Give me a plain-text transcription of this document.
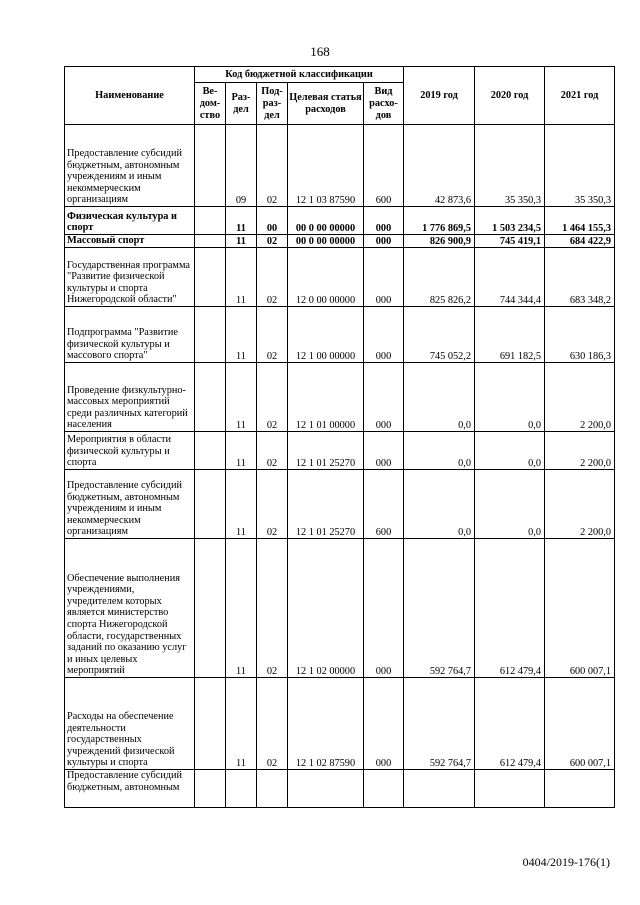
168
Наименование	Код бюджетной классификации					2019 год	2020 год	2021 год
	Ве-дом-ство	Раз-дел	Под-раз-дел	Целевая статья расходов	Вид расхо-дов			
Предоставление субсидий бюджетным, автономным учреждениям и иным некоммерческим организациям		09	02	12 1 03 87590	600	42 873,6	35 350,3	35 350,3
Физическая культура и спорт		11	00	00 0 00 00000	000	1 776 869,5	1 503 234,5	1 464 155,3
Массовый спорт		11	02	00 0 00 00000	000	826 900,9	745 419,1	684 422,9
Государственная программа "Развитие физической культуры и спорта Нижегородской области"		11	02	12 0 00 00000	000	825 826,2	744 344,4	683 348,2
Подпрограмма "Развитие физической культуры и массового спорта"		11	02	12 1 00 00000	000	745 052,2	691 182,5	630 186,3
Проведение физкультурно-массовых мероприятий среди различных категорий населения		11	02	12 1 01 00000	000	0,0	0,0	2 200,0
Мероприятия в области физической культуры и спорта		11	02	12 1 01 25270	000	0,0	0,0	2 200,0
Предоставление субсидий бюджетным, автономным учреждениям и иным некоммерческим организациям		11	02	12 1 01 25270	600	0,0	0,0	2 200,0
Обеспечение выполнения учреждениями, учредителем которых является министерство спорта Нижегородской области, государственных заданий по оказанию услуг и иных целевых мероприятий		11	02	12 1 02 00000	000	592 764,7	612 479,4	600 007,1
Расходы на обеспечение деятельности государственных учреждений физической культуры и спорта		11	02	12 1 02 87590	000	592 764,7	612 479,4	600 007,1
Предоставление субсидий бюджетным, автономным								
0404/2019-176(1)
